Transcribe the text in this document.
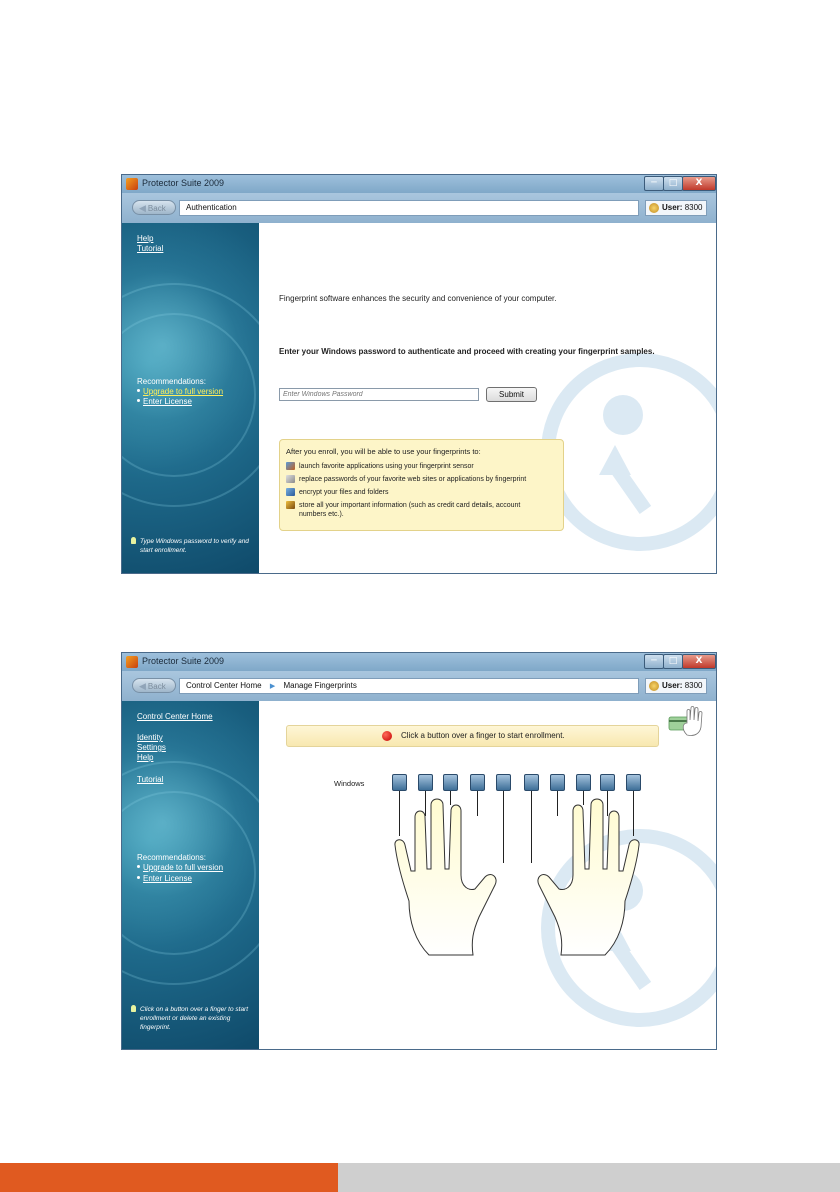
Protector Suite 2009	─	□	X
◀ Back	Authentication	User: 8300
Help
Tutorial
Recommendations:
Upgrade to full version
Enter License
Type Windows password to verify and start enrollment.
Fingerprint software enhances the security and convenience of your computer.
Enter your Windows password to authenticate and proceed with creating your fingerprint samples.
Submit
After you enroll, you will be able to use your fingerprints to:
launch favorite applications using your fingerprint sensor
replace passwords of your favorite web sites or applications by fingerprint
encrypt your files and folders
store all your important information (such as credit card details, account
numbers etc.).
Protector Suite 2009	─	□	X
◀ Back	Control Center Home ▶ Manage Fingerprints	User: 8300
Control Center Home
Identity
Settings
Help
Tutorial
Recommendations:
Upgrade to full version
Enter License
Click on a button over a finger to start enrollment or delete an existing fingerprint.
Click a button over a finger to start enrollment.
Windows
